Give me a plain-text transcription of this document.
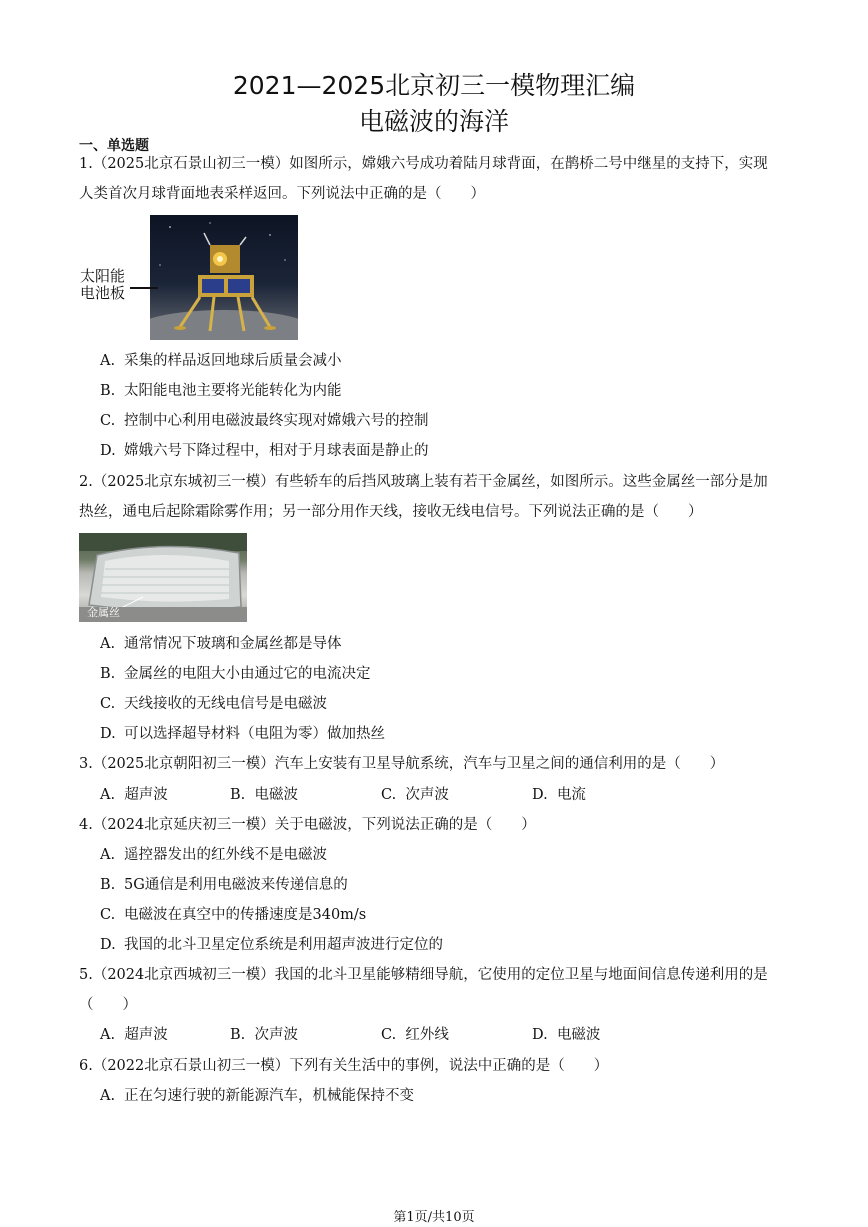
2021—2025北京初三一模物理汇编
电磁波的海洋
一、单选题
1.（2025北京石景山初三一模）如图所示，嫦娥六号成功着陆月球背面，在鹊桥二号中继星的支持下，实现
人类首次月球背面地表采样返回。下列说法中正确的是（　　）
太阳能
电池板
A. 采集的样品返回地球后质量会减小
B. 太阳能电池主要将光能转化为内能
C. 控制中心利用电磁波最终实现对嫦娥六号的控制
D. 嫦娥六号下降过程中，相对于月球表面是静止的
2.（2025北京东城初三一模）有些轿车的后挡风玻璃上装有若干金属丝，如图所示。这些金属丝一部分是加
热丝，通电后起除霜除雾作用；另一部分用作天线，接收无线电信号。下列说法正确的是（　　）
金属丝
A. 通常情况下玻璃和金属丝都是导体
B. 金属丝的电阻大小由通过它的电流决定
C. 天线接收的无线电信号是电磁波
D. 可以选择超导材料（电阻为零）做加热丝
3.（2025北京朝阳初三一模）汽车上安装有卫星导航系统，汽车与卫星之间的通信利用的是（　　）
A. 超声波	B. 电磁波	C. 次声波	D. 电流
4.（2024北京延庆初三一模）关于电磁波，下列说法正确的是（　　）
A. 遥控器发出的红外线不是电磁波
B. 5G通信是利用电磁波来传递信息的
C. 电磁波在真空中的传播速度是340m/s
D. 我国的北斗卫星定位系统是利用超声波进行定位的
5.（2024北京西城初三一模）我国的北斗卫星能够精细导航，它使用的定位卫星与地面间信息传递利用的是
（　　）
A. 超声波	B. 次声波	C. 红外线	D. 电磁波
6.（2022北京石景山初三一模）下列有关生活中的事例，说法中正确的是（　　）
A. 正在匀速行驶的新能源汽车，机械能保持不变
第1页/共10页
